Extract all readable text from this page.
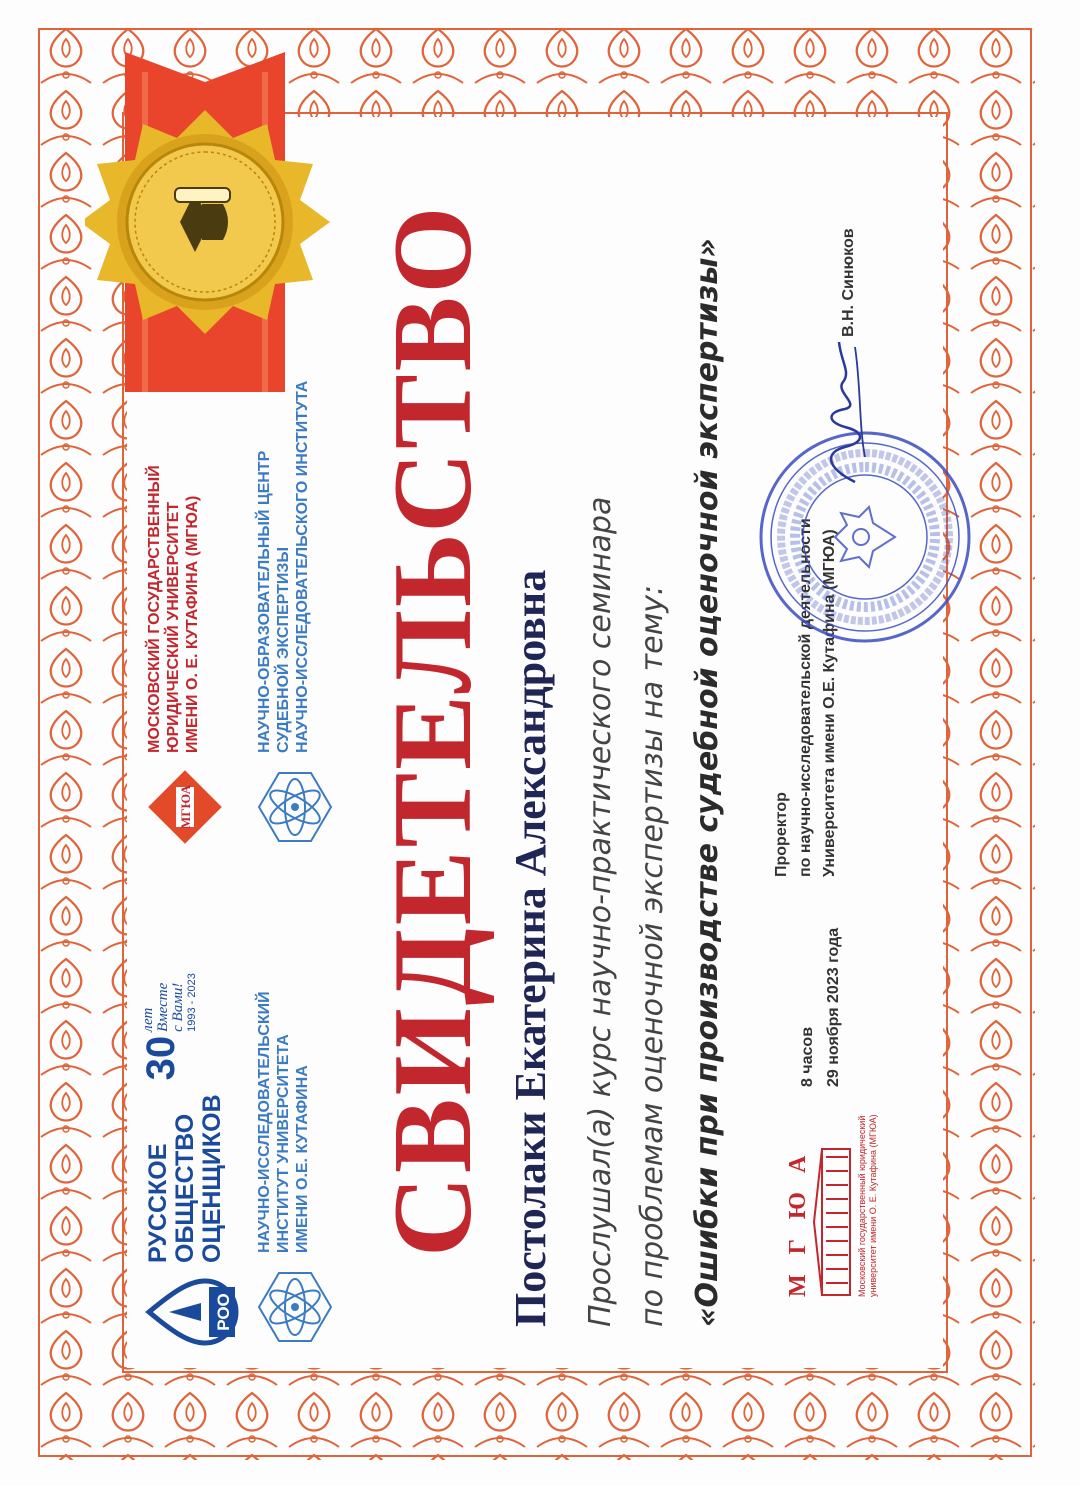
РОО
РУССКОЕ ОБЩЕСТВО ОЦЕНЩИКОВ
30
лет Вместе с Вами! 1993 - 2023
МГЮА
МОСКОВСКИЙ ГОСУДАРСТВЕННЫЙ ЮРИДИЧЕСКИЙ УНИВЕРСИТЕТ ИМЕНИ О. Е. КУТАФИНА (МГЮА)
НАУЧНО-ИССЛЕДОВАТЕЛЬСКИЙ ИНСТИТУТ УНИВЕРСИТЕТА ИМЕНИ О.Е. КУТАФИНА
НАУЧНО-ОБРАЗОВАТЕЛЬНЫЙ ЦЕНТР СУДЕБНОЙ ЭКСПЕРТИЗЫ НАУЧНО-ИССЛЕДОВАТЕЛЬСКОГО ИНСТИТУТА СВИДЕТЕЛЬСТВО Постолаки Екатерина Александровна Прослушал(а) курс научно-практического семинара по проблемам оценочной экспертизы на тему: «Ошибки при производстве судебной оценочной экспертизы»	МГЮА	Московский государственный юридический университет имени О. Е. Кутафина (МГЮА)
8 часов 29 ноября 2023 года
Проректор по научно-исследовательской деятельности Университета имени О.Е. Кутафина (МГЮА)
В.Н. Синюков
